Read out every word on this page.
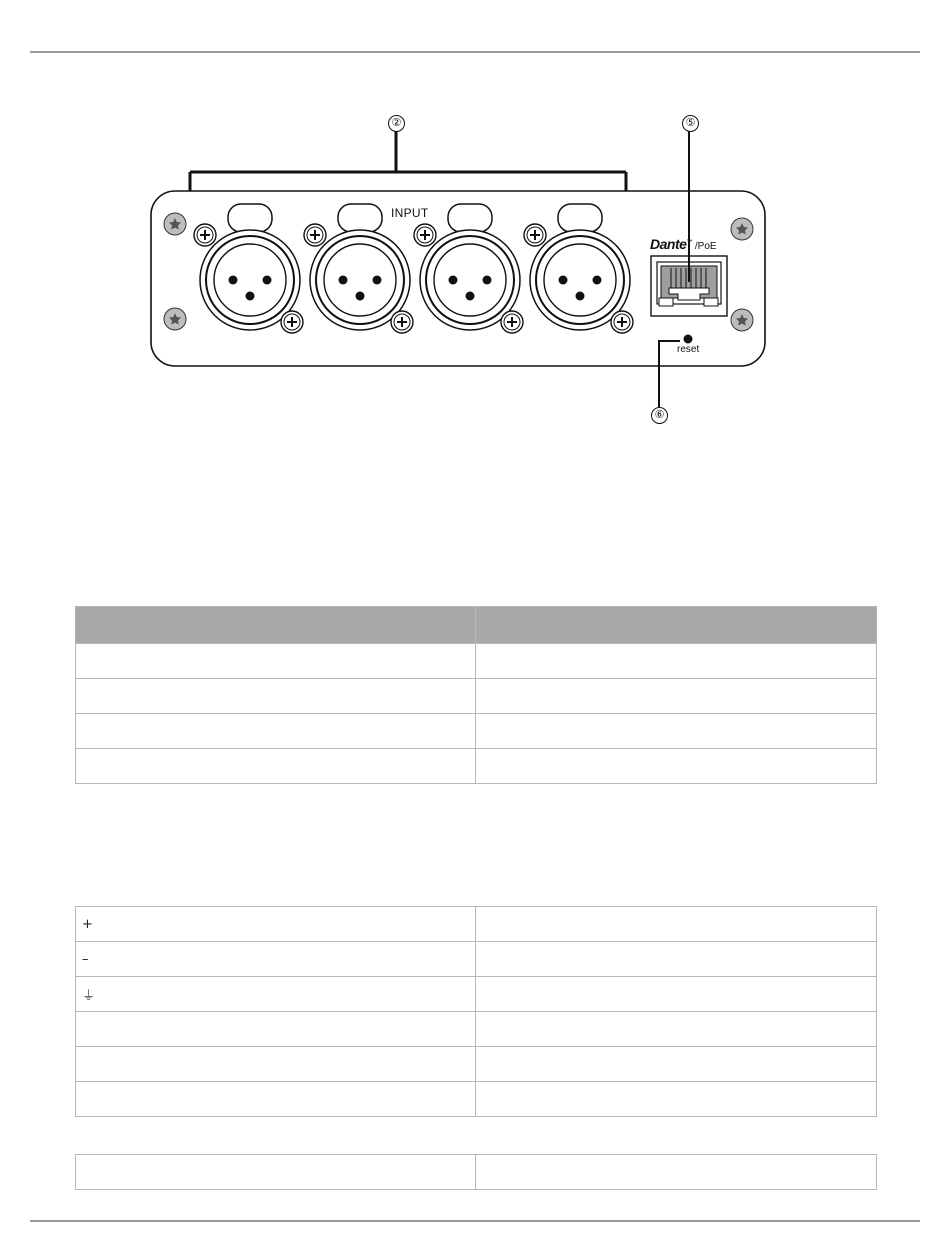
INPUT
Dante™ /PoE
reset
②	⑤
⑥

+	
–	
⏚	
